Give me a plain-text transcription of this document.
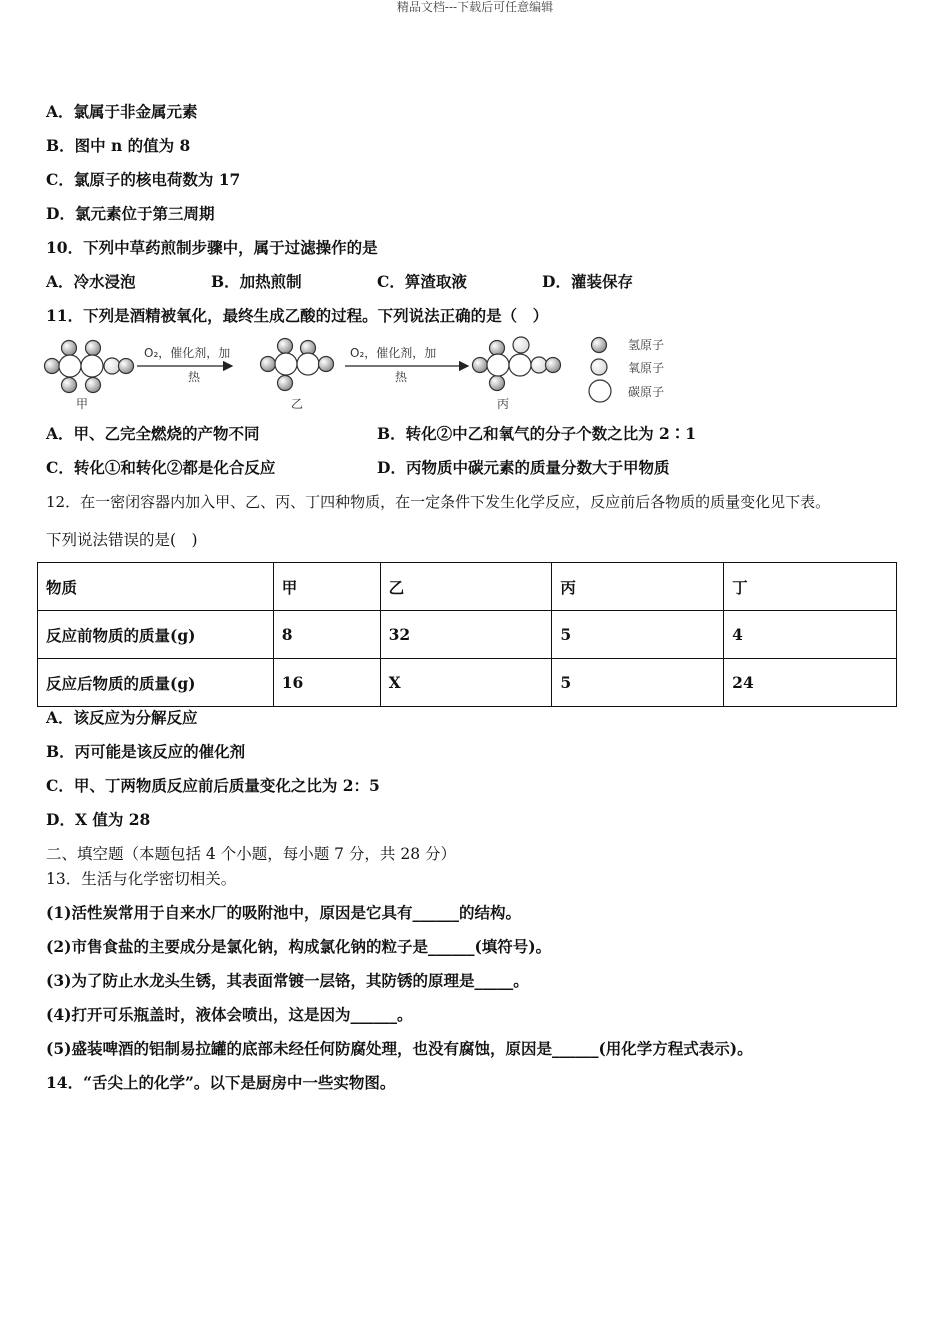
精品文档---下载后可任意编辑
A．氯属于非金属元素
B．图中 n 的值为 8
C．氯原子的核电荷数为 17
D．氯元素位于第三周期
10．下列中草药煎制步骤中，属于过滤操作的是
A．冷水浸泡	B．加热煎制	C．箅渣取液	D．灌装保存
11．下列是酒精被氧化，最终生成乙酸的过程。下列说法正确的是（　）
甲
O₂，催化剂，加
热
乙
O₂，催化剂，加
热
丙
氢原子
氧原子
碳原子
A．甲、乙完全燃烧的产物不同	B．转化②中乙和氧气的分子个数之比为 2∶1
C．转化①和转化②都是化合反应	D．丙物质中碳元素的质量分数大于甲物质
12．在一密闭容器内加入甲、乙、丙、丁四种物质，在一定条件下发生化学反应，反应前后各物质的质量变化见下表。
下列说法错误的是(　)
物质	甲	乙	丙	丁
反应前物质的质量(g)	8	32	5	4
反应后物质的质量(g)	16	X	5	24
A．该反应为分解反应
B．丙可能是该反应的催化剂
C．甲、丁两物质反应前后质量变化之比为 2：5
D．X 值为 28
二、填空题（本题包括 4 个小题，每小题 7 分，共 28 分）
13．生活与化学密切相关。
(1)活性炭常用于自来水厂的吸附池中，原因是它具有______的结构。
(2)市售食盐的主要成分是氯化钠，构成氯化钠的粒子是______(填符号)。
(3)为了防止水龙头生锈，其表面常镀一层铬，其防锈的原理是_____。
(4)打开可乐瓶盖时，液体会喷出，这是因为______。
(5)盛装啤酒的铝制易拉罐的底部未经任何防腐处理，也没有腐蚀，原因是______(用化学方程式表示)。
14．“舌尖上的化学”。以下是厨房中一些实物图。
